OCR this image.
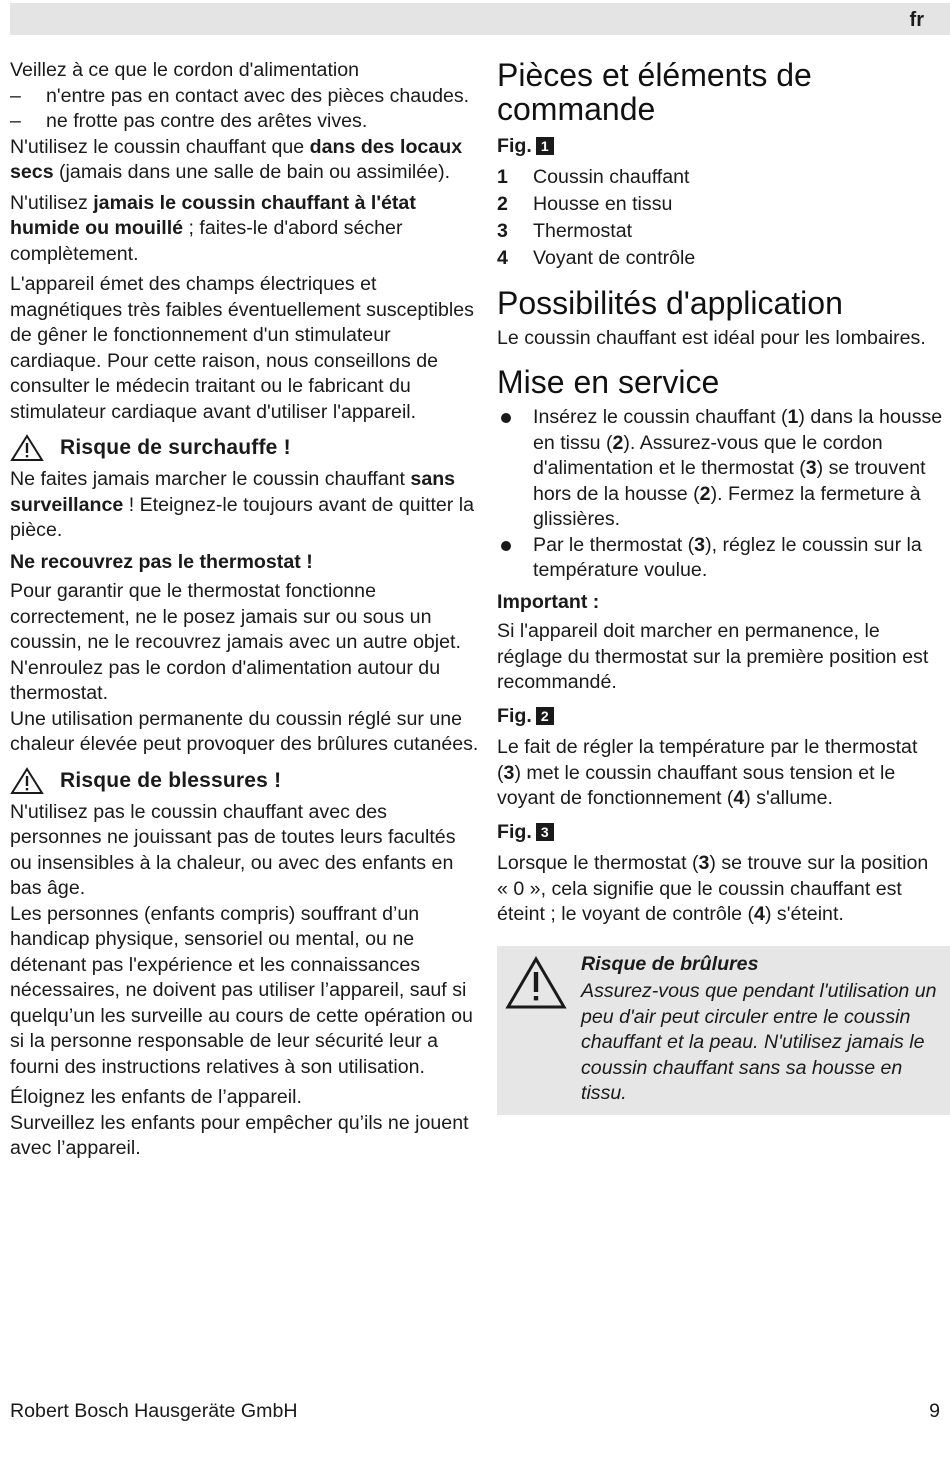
fr

Veillez à ce que le cordon d'alimentation

– n'entre pas en contact avec des pièces chaudes.

– ne frotte pas contre des arêtes vives.

N'utilisez le coussin chauffant que dans des locaux secs (jamais dans une salle de bain ou assimilée).

N'utilisez jamais le coussin chauffant à l'état humide ou mouillé ; faites-le d'abord sécher complètement.

L'appareil émet des champs électriques et magnétiques très faibles éventuellement susceptibles de gêner le fonctionnement d'un stimulateur cardiaque. Pour cette raison, nous conseillons de consulter le médecin traitant ou le fabricant du stimulateur cardiaque avant d'utiliser l'appareil.

Risque de surchauffe !

Ne faites jamais marcher le coussin chauffant sans surveillance ! Eteignez-le toujours avant de quitter la pièce.

Ne recouvrez pas le thermostat !

Pour garantir que le thermostat fonctionne correctement, ne le posez jamais sur ou sous un coussin, ne le recouvrez jamais avec un autre objet. N'enroulez pas le cordon d'alimentation autour du thermostat.

Une utilisation permanente du coussin réglé sur une chaleur élevée peut provoquer des brûlures cutanées.

Risque de blessures !

N'utilisez pas le coussin chauffant avec des personnes ne jouissant pas de toutes leurs facultés ou insensibles à la chaleur, ou avec des enfants en bas âge.

Les personnes (enfants compris) souffrant d’un handicap physique, sensoriel ou mental, ou ne détenant pas l'expérience et les connaissances nécessaires, ne doivent pas utiliser l’appareil, sauf si quelqu’un les surveille au cours de cette opération ou si la personne responsable de leur sécurité leur a fourni des instructions relatives à son utilisation.

Éloignez les enfants de l’appareil.

Surveillez les enfants pour empêcher qu’ils ne jouent avec l’appareil.

Pièces et éléments de commande

Fig. 1

1 Coussin chauffant
2 Housse en tissu
3 Thermostat
4 Voyant de contrôle
Possibilités d'application

Le coussin chauffant est idéal pour les lombaires.

Mise en service
Insérez le coussin chauffant (1) dans la housse en tissu (2). Assurez-vous que le cordon d'alimentation et le thermostat (3) se trouvent hors de la housse (2). Fermez la fermeture à glissières.
Par le thermostat (3), réglez le coussin sur la température voulue.

Important :

Si l'appareil doit marcher en permanence, le réglage du thermostat sur la première position est recommandé.

Fig. 2

Le fait de régler la température par le thermostat (3) met le coussin chauffant sous tension et le voyant de fonctionnement (4) s'allume.

Fig. 3

Lorsque le thermostat (3) se trouve sur la position « 0 », cela signifie que le coussin chauffant est éteint ; le voyant de contrôle (4) s'éteint.

Risque de brûlures

Assurez-vous que pendant l'utilisation un peu d'air peut circuler entre le coussin chauffant et la peau. N'utilisez jamais le coussin chauffant sans sa housse en tissu.

Robert Bosch Hausgeräte GmbH	9
